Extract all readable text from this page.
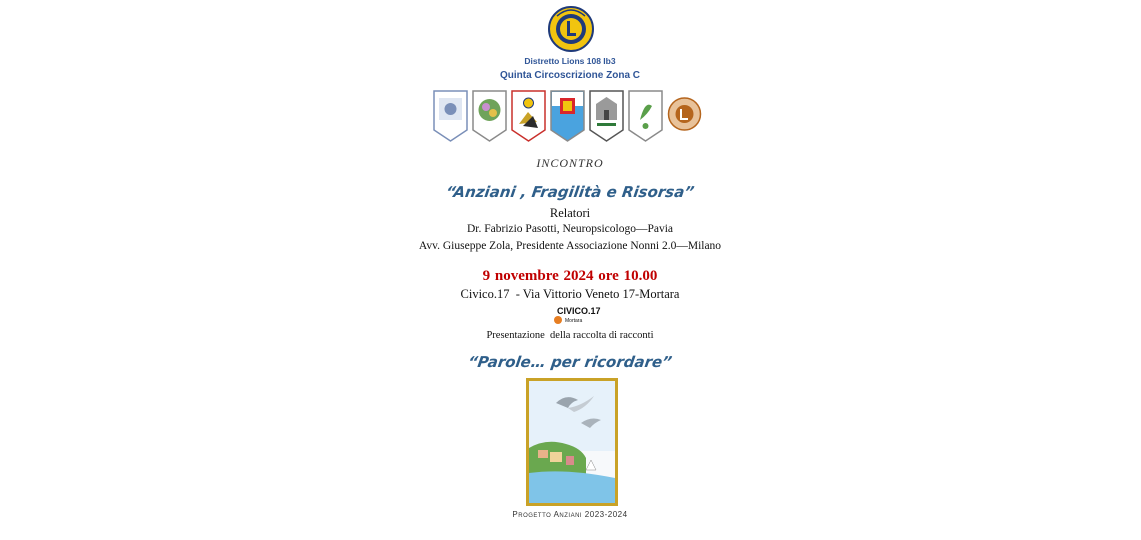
Distretto Lions 108 Ib3
Quinta Circoscrizione Zona C
INCONTRO
“Anziani , Fragilità e Risorsa”
Relatori
Dr. Fabrizio Pasotti, Neuropsicologo—Pavia
Avv. Giuseppe Zola, Presidente Associazione Nonni 2.0—Milano
9 novembre 2024 ore 10.00
Civico.17  - Via Vittorio Veneto 17-Mortara
CIVICO.17
Mortara
Presentazione  della raccolta di racconti
“Parole… per ricordare”
Progetto Anziani 2023-2024
